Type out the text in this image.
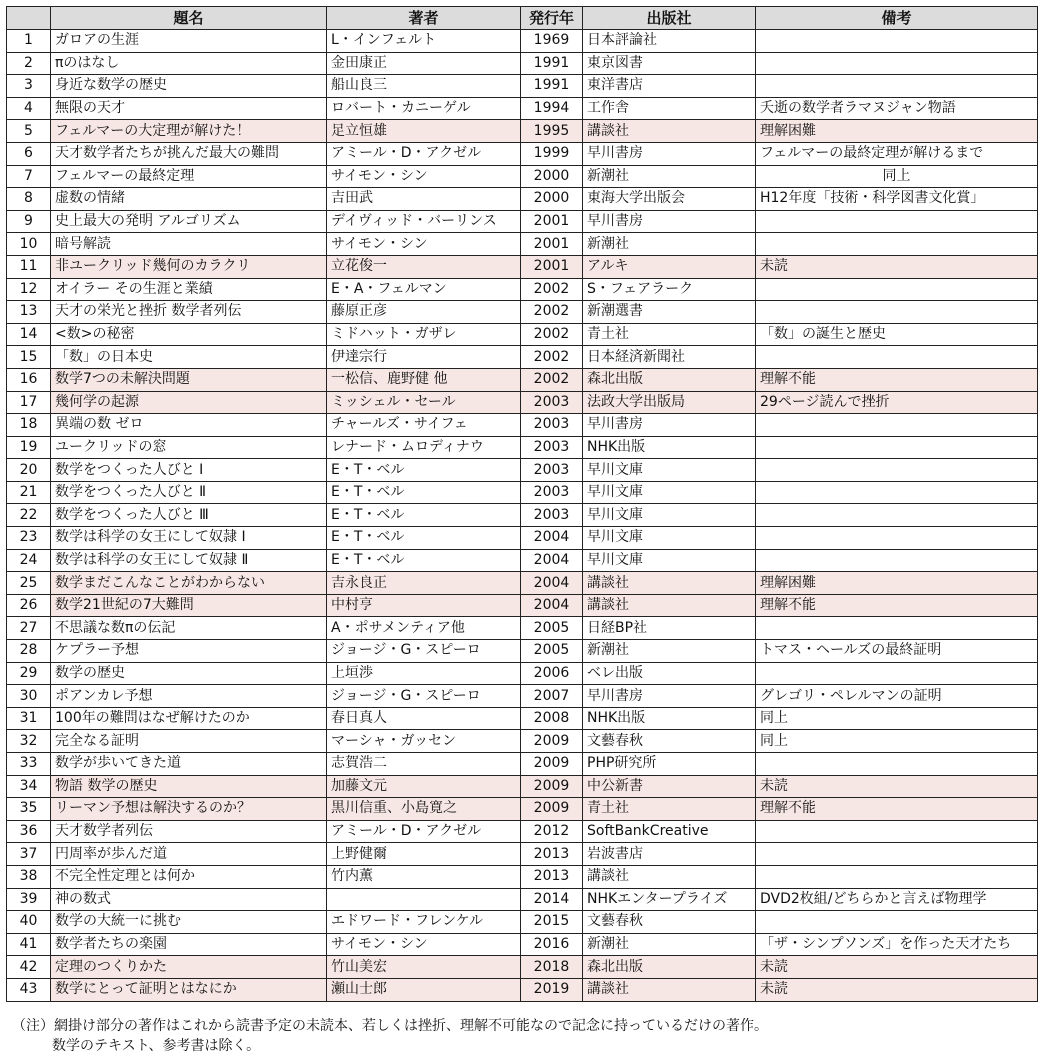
	題名	著者	発行年	出版社	備考
1	ガロアの生涯	L・インフェルト	1969	日本評論社	
2	πのはなし	金田康正	1991	東京図書	
3	身近な数学の歴史	船山良三	1991	東洋書店	
4	無限の天才	ロバート・カニーゲル	1994	工作舎	夭逝の数学者ラマヌジャン物語
5	フェルマーの大定理が解けた！	足立恒雄	1995	講談社	理解困難
6	天才数学者たちが挑んだ最大の難問	アミール・D・アクゼル	1999	早川書房	フェルマーの最終定理が解けるまで
7	フェルマーの最終定理	サイモン・シン	2000	新潮社	同上
8	虚数の情緒	吉田武	2000	東海大学出版会	H12年度「技術・科学図書文化賞」
9	史上最大の発明 アルゴリズム	デイヴィッド・バーリンス	2001	早川書房	
10	暗号解読	サイモン・シン	2001	新潮社	
11	非ユークリッド幾何のカラクリ	立花俊一	2001	アルキ	未読
12	オイラー その生涯と業績	E・A・フェルマン	2002	S・フェアラーク	
13	天才の栄光と挫折 数学者列伝	藤原正彦	2002	新潮選書	
14	<数>の秘密	ミドハット・ガザレ	2002	青土社	「数」の誕生と歴史
15	「数」の日本史	伊達宗行	2002	日本経済新聞社	
16	数学7つの未解決問題	一松信、鹿野健 他	2002	森北出版	理解不能
17	幾何学の起源	ミッシェル・セール	2003	法政大学出版局	29ページ読んで挫折
18	異端の数 ゼロ	チャールズ・サイフェ	2003	早川書房	
19	ユークリッドの窓	レナード・ムロディナウ	2003	NHK出版	
20	数学をつくった人びと Ⅰ	E・T・ベル	2003	早川文庫	
21	数学をつくった人びと Ⅱ	E・T・ベル	2003	早川文庫	
22	数学をつくった人びと Ⅲ	E・T・ベル	2003	早川文庫	
23	数学は科学の女王にして奴隷 Ⅰ	E・T・ベル	2004	早川文庫	
24	数学は科学の女王にして奴隷 Ⅱ	E・T・ベル	2004	早川文庫	
25	数学まだこんなことがわからない	吉永良正	2004	講談社	理解困難
26	数学21世紀の7大難問	中村亨	2004	講談社	理解不能
27	不思議な数πの伝記	A・ポサメンティア他	2005	日経BP社	
28	ケプラー予想	ジョージ・G・スピーロ	2005	新潮社	トマス・ヘールズの最終証明
29	数学の歴史	上垣渉	2006	ベレ出版	
30	ポアンカレ予想	ジョージ・G・スピーロ	2007	早川書房	グレゴリ・ペレルマンの証明
31	100年の難問はなぜ解けたのか	春日真人	2008	NHK出版	同上
32	完全なる証明	マーシャ・ガッセン	2009	文藝春秋	同上
33	数学が歩いてきた道	志賀浩二	2009	PHP研究所	
34	物語 数学の歴史	加藤文元	2009	中公新書	未読
35	リーマン予想は解決するのか？	黒川信重、小島寛之	2009	青土社	理解不能
36	天才数学者列伝	アミール・D・アクゼル	2012	SoftBankCreative	
37	円周率が歩んだ道	上野健爾	2013	岩波書店	
38	不完全性定理とは何か	竹内薫	2013	講談社	
39	神の数式		2014	NHKエンタープライズ	DVD2枚組/どちらかと言えば物理学
40	数学の大統一に挑む	エドワード・フレンケル	2015	文藝春秋	
41	数学者たちの楽園	サイモン・シン	2016	新潮社	「ザ・シンプソンズ」を作った天才たち
42	定理のつくりかた	竹山美宏	2018	森北出版	未読
43	数学にとって証明とはなにか	瀬山士郎	2019	講談社	未読
（注）網掛け部分の著作はこれから読書予定の未読本、若しくは挫折、理解不可能なので記念に持っているだけの著作。
数学のテキスト、参考書は除く。
